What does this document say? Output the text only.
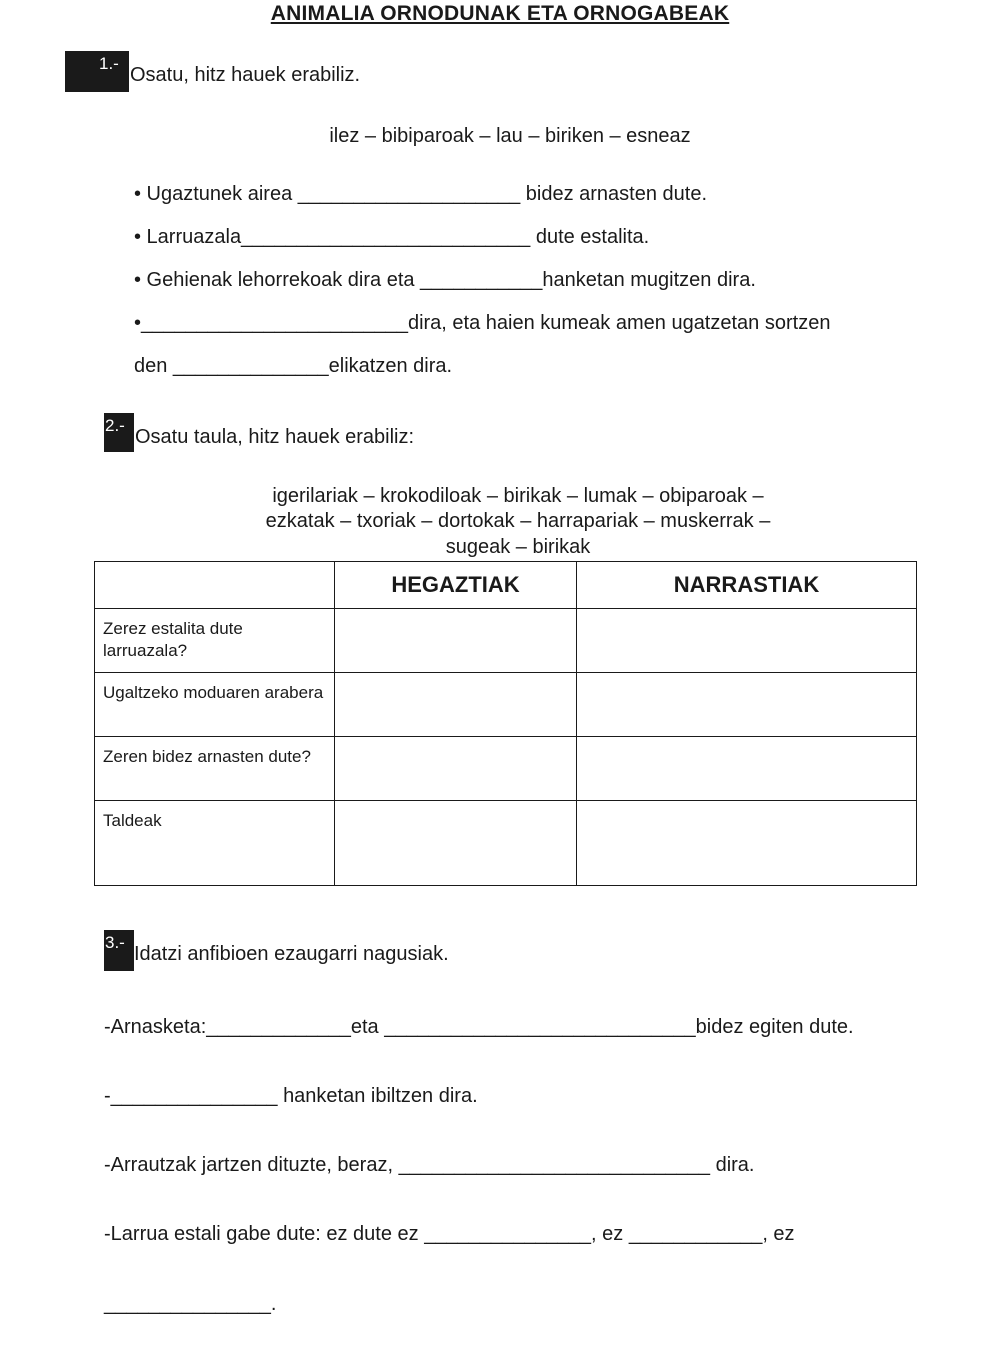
ANIMALIA ORNODUNAK ETA ORNOGABEAK
1.-
Osatu, hitz hauek erabiliz.
ilez – bibiparoak – lau – biriken – esneaz
• Ugaztunek airea ____________________ bidez arnasten dute.
• Larruazala__________________________ dute estalita.
• Gehienak lehorrekoak dira eta ___________hanketan mugitzen dira.
•________________________dira, eta haien kumeak amen ugatzetan sortzen
den ______________elikatzen dira.
2.-
Osatu taula, hitz hauek erabiliz:
igerilariak – krokodiloak – birikak – lumak – obiparoak –
ezkatak – txoriak – dortokak – harrapariak – muskerrak –
sugeak – birikak
	HEGAZTIAK	NARRASTIAK
Zerez estalita dute larruazala?		
Ugaltzeko moduaren arabera		
Zeren bidez arnasten dute?		
Taldeak		
3.-
Idatzi anfibioen ezaugarri nagusiak.
-Arnasketa:_____________eta ____________________________bidez egiten dute.
-_______________ hanketan ibiltzen dira.
-Arrautzak jartzen dituzte, beraz, ____________________________ dira.
-Larrua estali gabe dute: ez dute ez _______________, ez ____________, ez
_______________.
